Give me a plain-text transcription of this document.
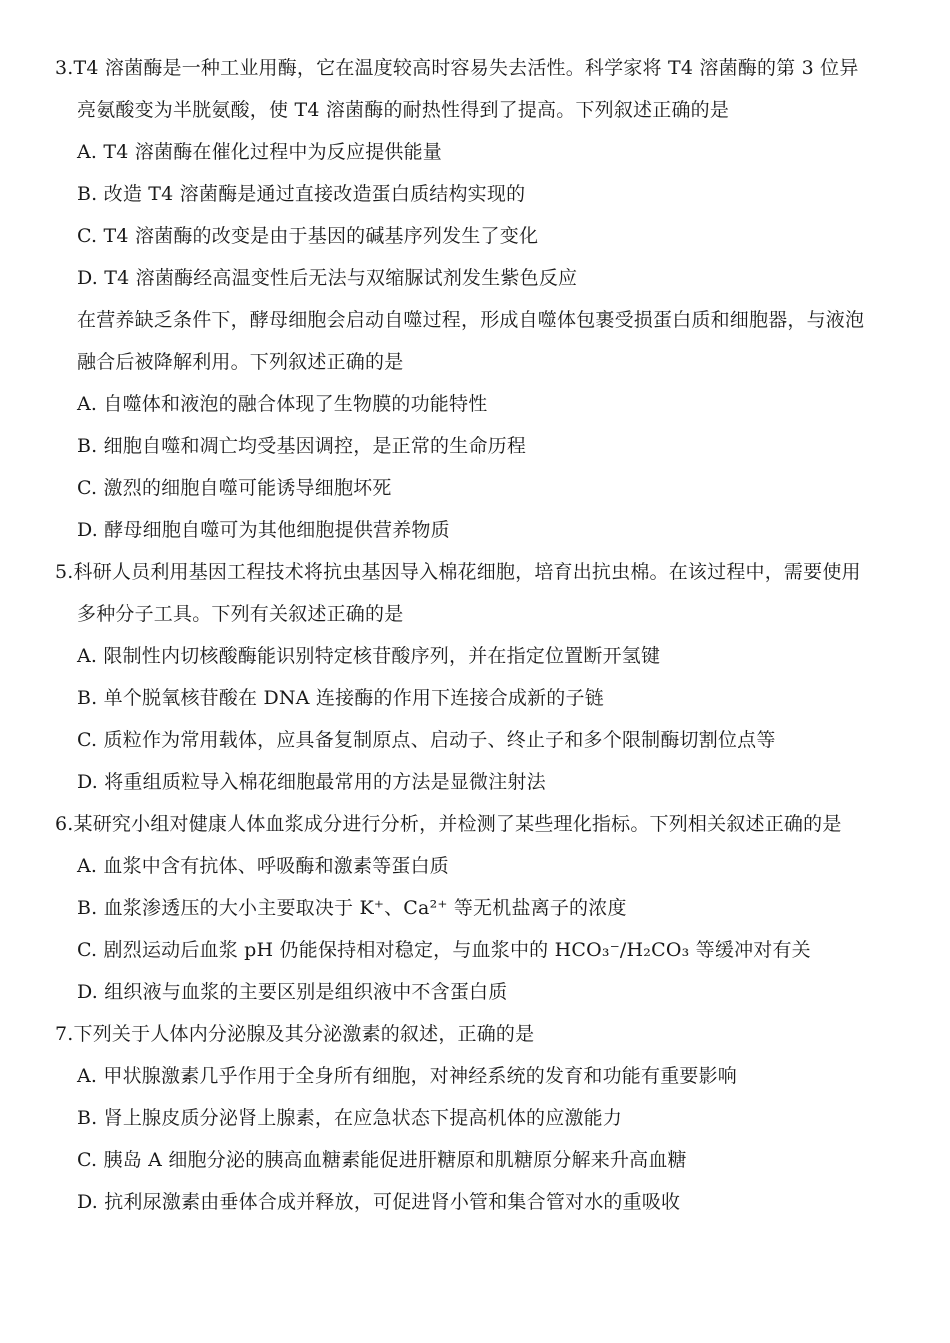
3.T4 溶菌酶是一种工业用酶，它在温度较高时容易失去活性。科学家将 T4 溶菌酶的第 3 位异
亮氨酸变为半胱氨酸，使 T4 溶菌酶的耐热性得到了提高。下列叙述正确的是
A. T4 溶菌酶在催化过程中为反应提供能量
B. 改造 T4 溶菌酶是通过直接改造蛋白质结构实现的
C. T4 溶菌酶的改变是由于基因的碱基序列发生了变化
D. T4 溶菌酶经高温变性后无法与双缩脲试剂发生紫色反应
在营养缺乏条件下，酵母细胞会启动自噬过程，形成自噬体包裹受损蛋白质和细胞器，与液泡
融合后被降解利用。下列叙述正确的是
A. 自噬体和液泡的融合体现了生物膜的功能特性
B. 细胞自噬和凋亡均受基因调控，是正常的生命历程
C. 激烈的细胞自噬可能诱导细胞坏死
D. 酵母细胞自噬可为其他细胞提供营养物质
5.科研人员利用基因工程技术将抗虫基因导入棉花细胞，培育出抗虫棉。在该过程中，需要使用
多种分子工具。下列有关叙述正确的是
A. 限制性内切核酸酶能识别特定核苷酸序列，并在指定位置断开氢键
B. 单个脱氧核苷酸在 DNA 连接酶的作用下连接合成新的子链
C. 质粒作为常用载体，应具备复制原点、启动子、终止子和多个限制酶切割位点等
D. 将重组质粒导入棉花细胞最常用的方法是显微注射法
6.某研究小组对健康人体血浆成分进行分析，并检测了某些理化指标。下列相关叙述正确的是
A. 血浆中含有抗体、呼吸酶和激素等蛋白质
B. 血浆渗透压的大小主要取决于 K⁺、Ca²⁺ 等无机盐离子的浓度
C. 剧烈运动后血浆 pH 仍能保持相对稳定，与血浆中的 HCO₃⁻/H₂CO₃ 等缓冲对有关
D. 组织液与血浆的主要区别是组织液中不含蛋白质
7.下列关于人体内分泌腺及其分泌激素的叙述，正确的是
A. 甲状腺激素几乎作用于全身所有细胞，对神经系统的发育和功能有重要影响
B. 肾上腺皮质分泌肾上腺素，在应急状态下提高机体的应激能力
C. 胰岛 A 细胞分泌的胰高血糖素能促进肝糖原和肌糖原分解来升高血糖
D. 抗利尿激素由垂体合成并释放，可促进肾小管和集合管对水的重吸收
